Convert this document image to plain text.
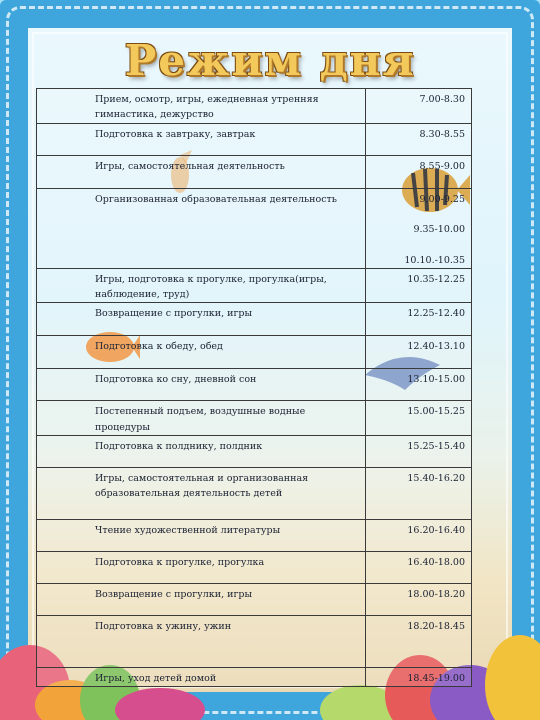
Режим дня
Прием, осмотр, игры, ежедневная утренняя гимнастика, дежурство	7.00-8.30
Подготовка к завтраку, завтрак	8.30-8.55
Игры, самостоятельная деятельность	8.55-9.00
Организованная образовательная деятельность	9.00-9.25

9.35-10.00

10.10.-10.35
Игры, подготовка к прогулке, прогулка(игры, наблюдение, труд)	10.35-12.25
Возвращение с прогулки, игры	12.25-12.40
Подготовка к обеду, обед	12.40-13.10
Подготовка ко сну, дневной сон	13.10-15.00
Постепенный подъем, воздушные водные процедуры	15.00-15.25
Подготовка к полднику, полдник	15.25-15.40
Игры, самостоятельная и организованная образовательная деятельность детей	15.40-16.20
Чтение художественной литературы	16.20-16.40
Подготовка к прогулке, прогулка	16.40-18.00
Возвращение с прогулки, игры	18.00-18.20
Подготовка к ужину, ужин	18.20-18.45
Игры, уход детей домой	18.45-19.00
